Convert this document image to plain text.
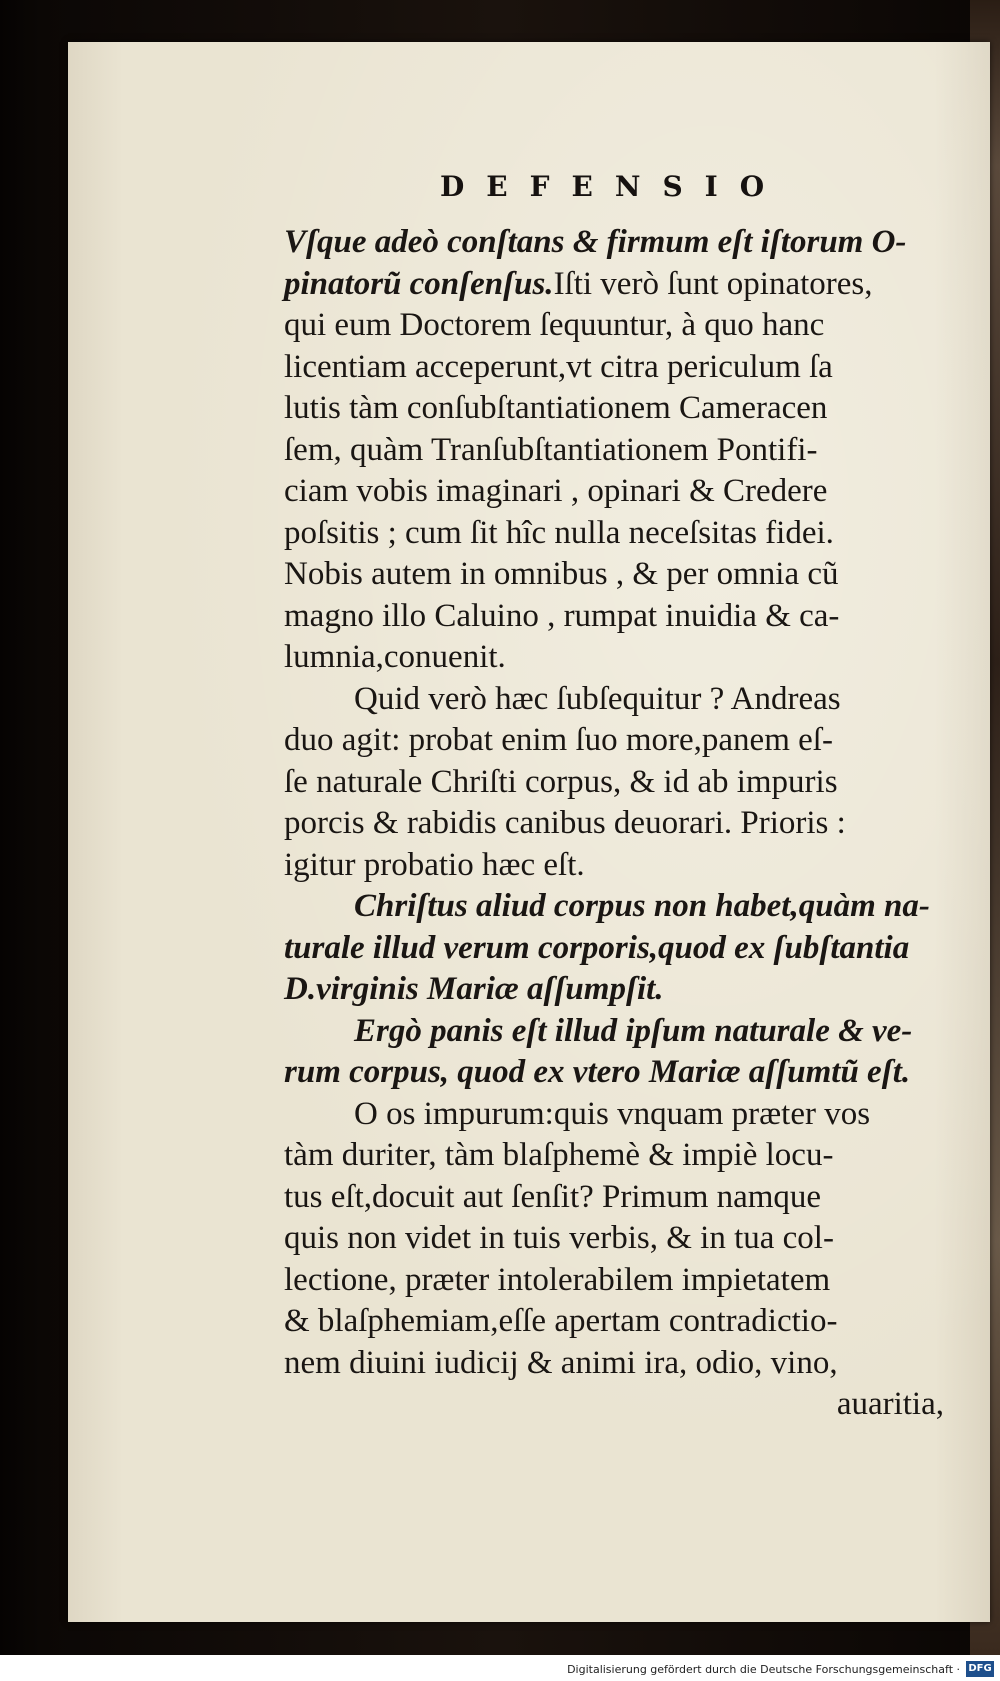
DEFENSIO
Vſque adeò conſtans & firmum eſt iſtorum O-
pinatorũ conſenſus.Iſti verò ſunt opinatores,
qui eum Doctorem ſequuntur, à quo hanc
licentiam acceperunt,vt citra periculum ſa
lutis tàm conſubſtantiationem Cameracen
ſem, quàm Tranſubſtantiationem Pontifi-
ciam vobis imaginari , opinari & Credere
poſsitis ; cum ſit hîc nulla neceſsitas fidei.
Nobis autem in omnibus , & per omnia cũ
magno illo Caluino , rumpat inuidia & ca-
lumnia,conuenit.
Quid verò hæc ſubſequitur ? Andreas
duo agit: probat enim ſuo more,panem eſ-
ſe naturale Chriſti corpus, & id ab impuris
porcis & rabidis canibus deuorari. Prioris :
igitur probatio hæc eſt.
Chriſtus aliud corpus non habet,quàm na-
turale illud verum corporis,quod ex ſubſtantia
D.virginis Mariæ aſſumpſit.
Ergò panis eſt illud ipſum naturale & ve-
rum corpus, quod ex vtero Mariæ aſſumtũ eſt.
O os impurum:quis vnquam præter vos
tàm duriter, tàm blaſphemè & impiè locu-
tus eſt,docuit aut ſenſit? Primum namque
quis non videt in tuis verbis, & in tua col-
lectione, præter intolerabilem impietatem
& blaſphemiam,eſſe apertam contradictio-
nem diuini iudicij & animi ira, odio, vino,
auaritia,
Digitalisierung gefördert durch die Deutsche Forschungsgemeinschaft · DFG
